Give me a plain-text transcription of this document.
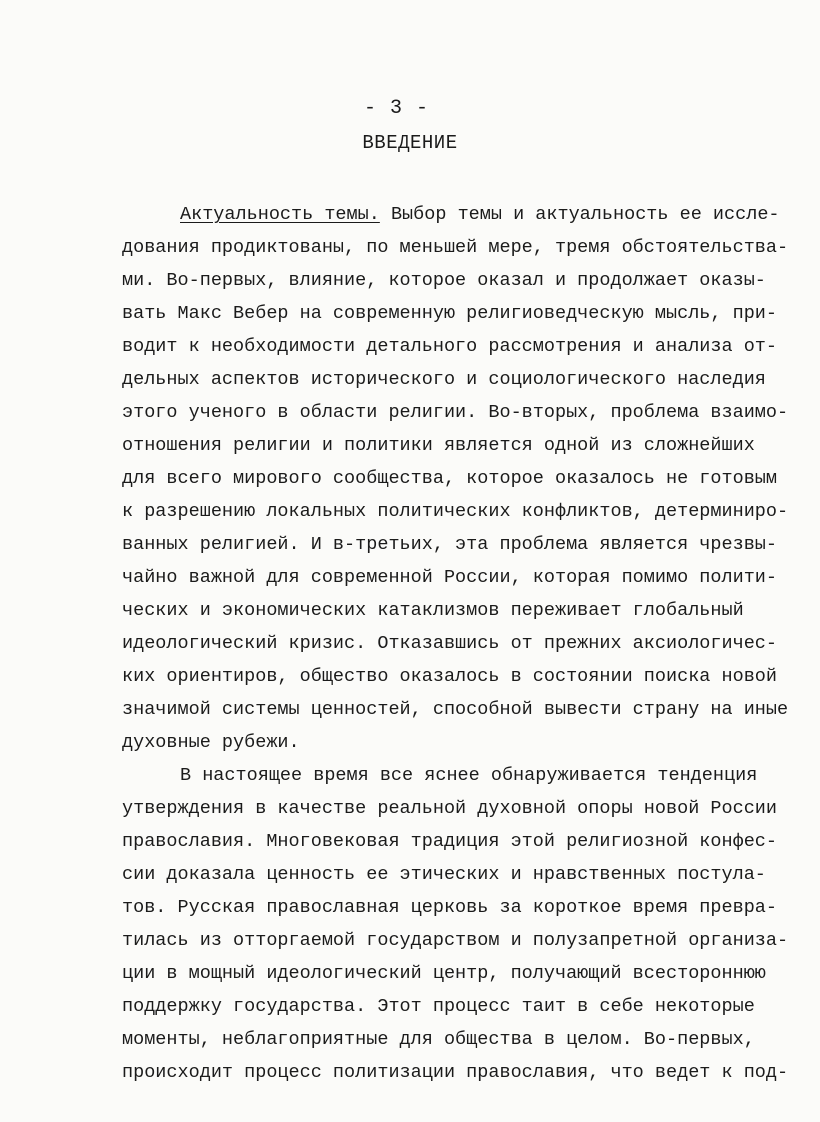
- 3 -
ВВЕДЕНИЕ
Актуальность темы. Выбор темы и актуальность ее иссле-
дования продиктованы, по меньшей мере, тремя обстоятельства-
ми. Во-первых, влияние, которое оказал и продолжает оказы-
вать Макс Вебер на современную религиоведческую мысль, при-
водит к необходимости детального рассмотрения и анализа от-
дельных аспектов исторического и социологического наследия
этого ученого в области религии. Во-вторых, проблема взаимо-
отношения религии и политики является одной из сложнейших
для всего мирового сообщества, которое оказалось не готовым
к разрешению локальных политических конфликтов, детерминиро-
ванных религией. И в-третьих, эта проблема является чрезвы-
чайно важной для современной России, которая помимо полити-
ческих и экономических катаклизмов переживает глобальный
идеологический кризис. Отказавшись от прежних аксиологичес-
ких ориентиров, общество оказалось в состоянии поиска новой
значимой системы ценностей, способной вывести страну на иные
духовные рубежи.
В настоящее время все яснее обнаруживается тенденция
утверждения в качестве реальной духовной опоры новой России
православия. Многовековая традиция этой религиозной конфес-
сии доказала ценность ее этических и нравственных постула-
тов. Русская православная церковь за короткое время превра-
тилась из отторгаемой государством и полузапретной организа-
ции в мощный идеологический центр, получающий всестороннюю
поддержку государства. Этот процесс таит в себе некоторые
моменты, неблагоприятные для общества в целом. Во-первых,
происходит процесс политизации православия, что ведет к под-
